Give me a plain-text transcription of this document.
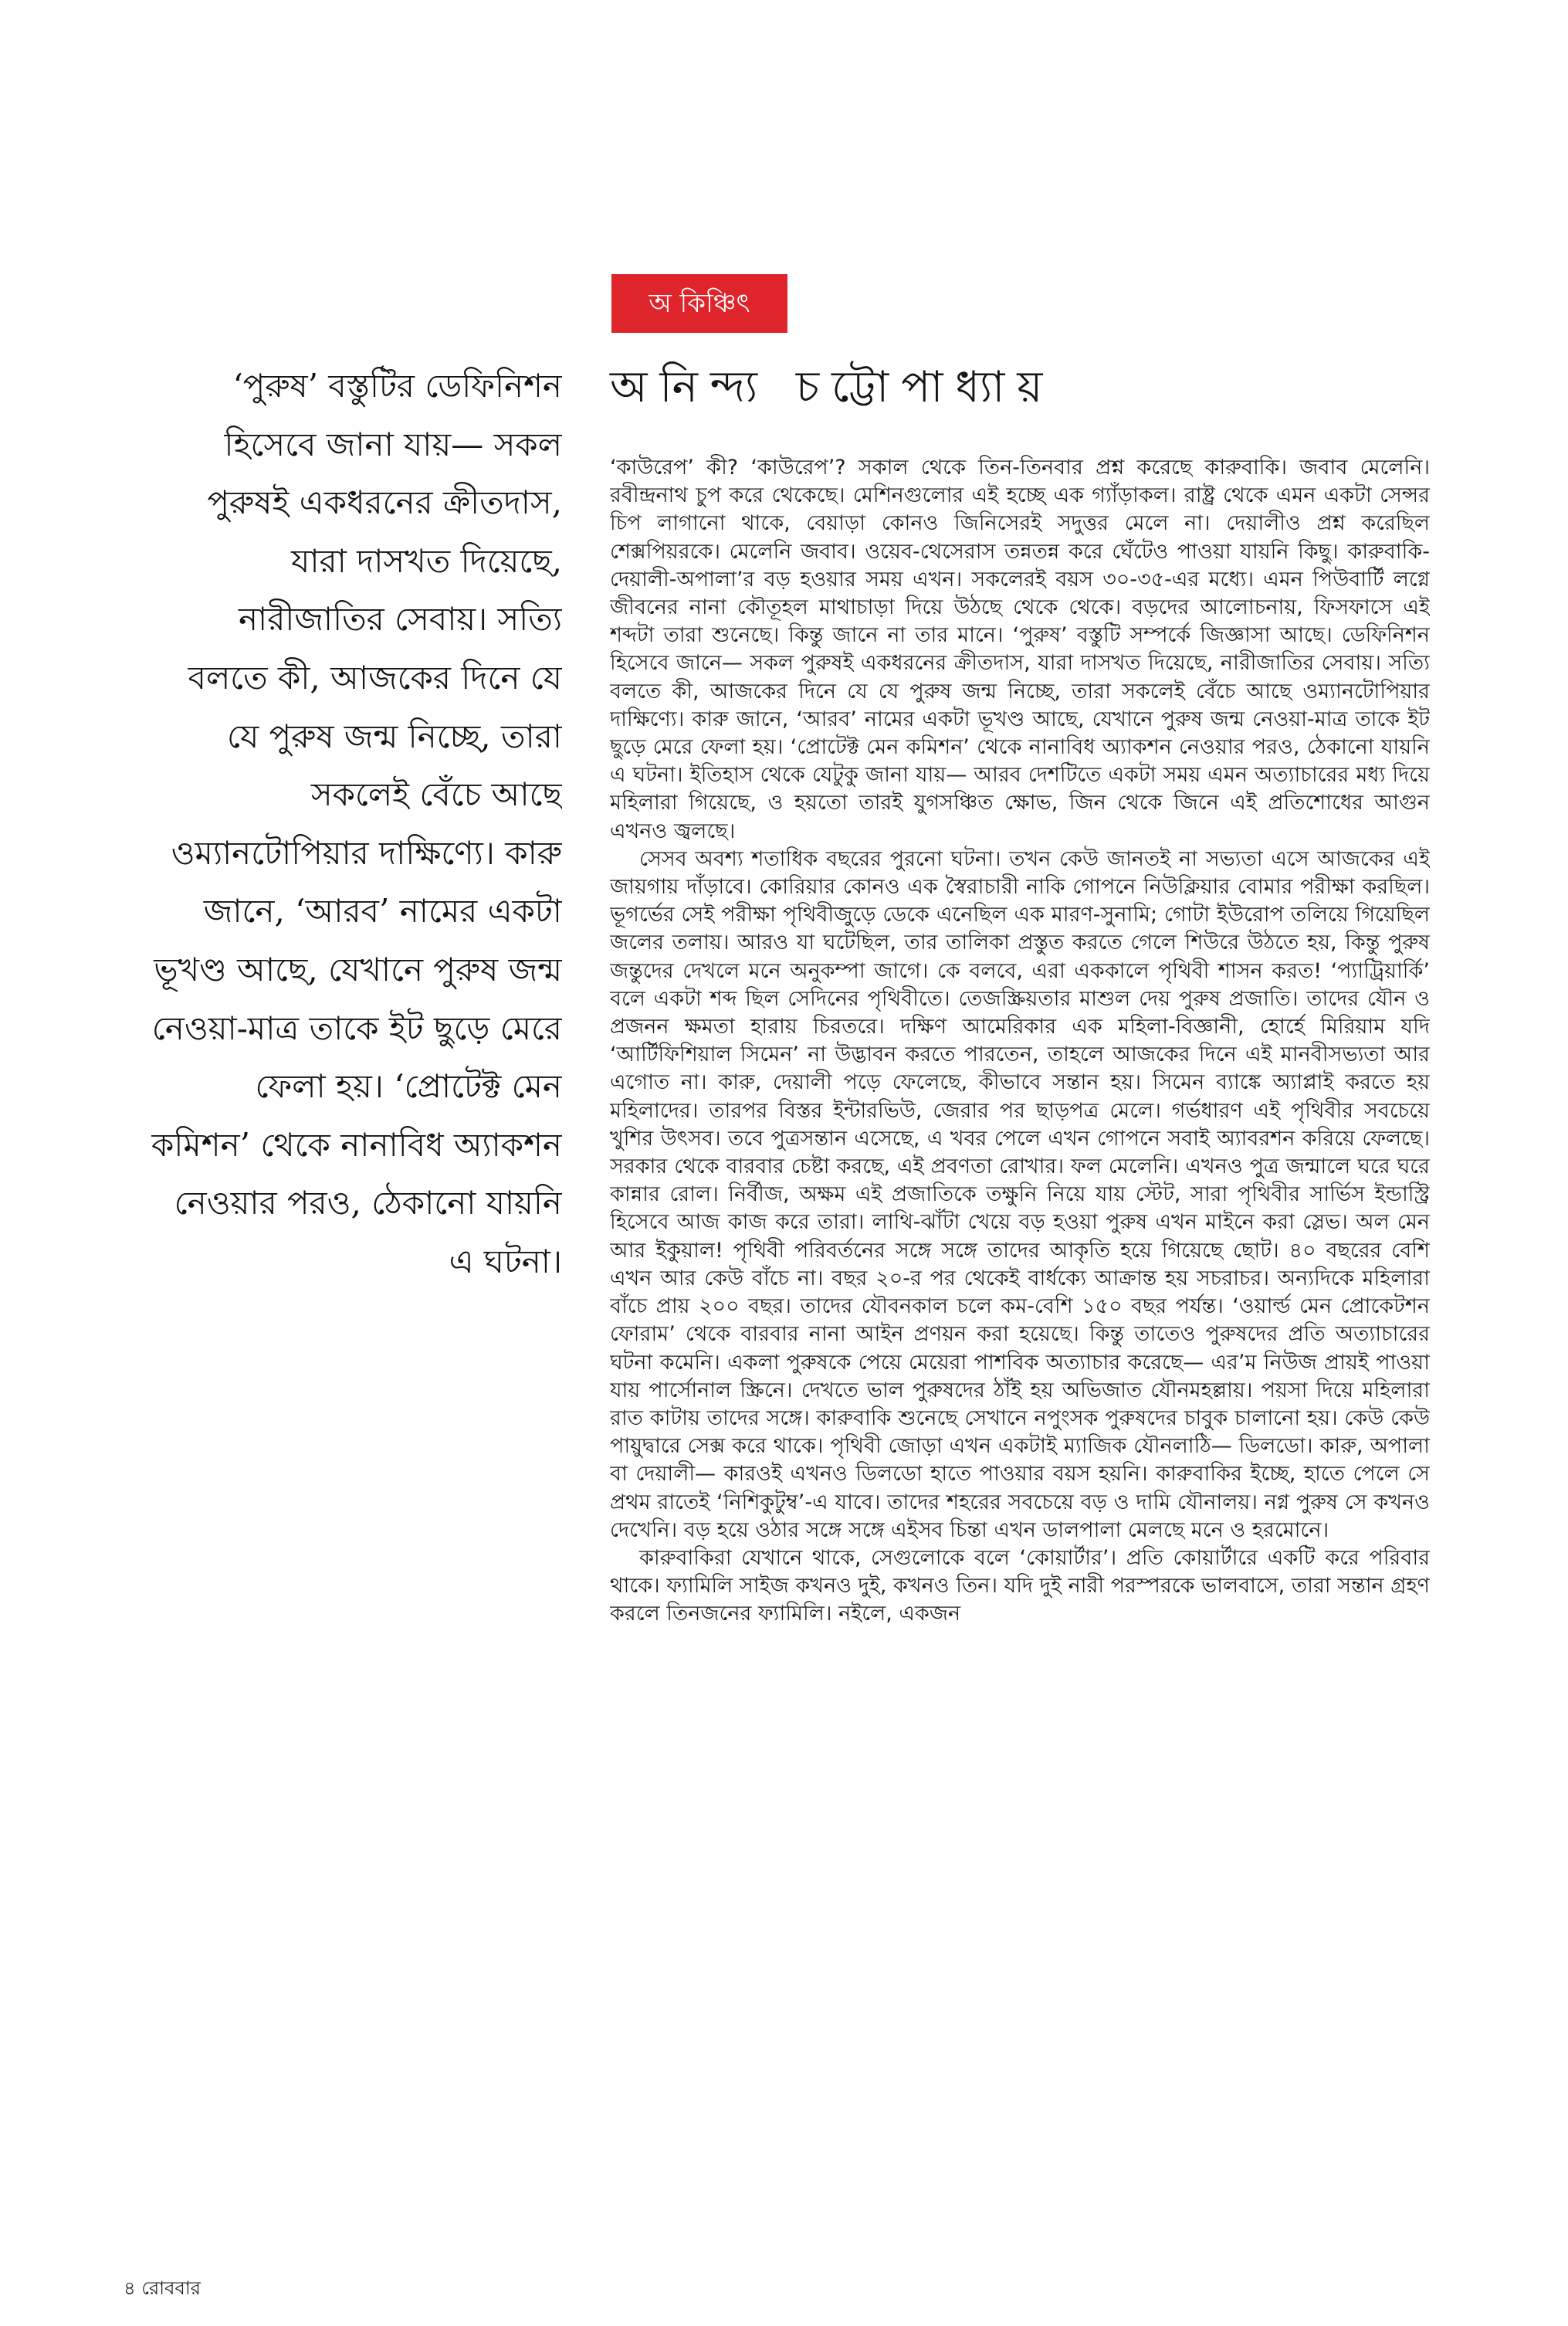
অ কিঞ্চিৎ
অনিন্দ্য চট্টোপাধ্যায়

‘পুরুষ’ বস্তুটির ডেফিনিশন হিসেবে জানা যায়— সকল পুরুষই একধরনের ক্রীতদাস, যারা দাসখত দিয়েছে, নারীজাতির সেবায়। সত্যি বলতে কী, আজকের দিনে যে যে পুরুষ জন্ম নিচ্ছে, তারা সকলেই বেঁচে আছে ওম্যানটোপিয়ার দাক্ষিণ্যে। কারু জানে, ‘আরব’ নামের একটা ভূখণ্ড আছে, যেখানে পুরুষ জন্ম নেওয়া-মাত্র তাকে ইট ছুড়ে মেরে ফেলা হয়। ‘প্রোটেক্ট মেন কমিশন’ থেকে নানাবিধ অ্যাকশন নেওয়ার পরও, ঠেকানো যায়নি এ ঘটনা।

‘কাউরেপ’ কী? ‘কাউরেপ’? সকাল থেকে তিন-তিনবার প্রশ্ন করেছে কারুবাকি। জবাব মেলেনি। রবীন্দ্রনাথ চুপ করে থেকেছে। মেশিনগুলোর এই হচ্ছে এক গ্যাঁড়াকল। রাষ্ট্র থেকে এমন একটা সেন্সর চিপ লাগানো থাকে, বেয়াড়া কোনও জিনিসেরই সদুত্তর মেলে না। দেয়ালীও প্রশ্ন করেছিল শেক্সপিয়রকে। মেলেনি জবাব। ওয়েব-থেসেরাস তন্নতন্ন করে ঘেঁটেও পাওয়া যায়নি কিছু। কারুবাকি-দেয়ালী-অপালা’র বড় হওয়ার সময় এখন। সকলেরই বয়স ৩০-৩৫-এর মধ্যে। এমন পিউবার্টি লগ্নে জীবনের নানা কৌতূহল মাথাচাড়া দিয়ে উঠছে থেকে থেকে। বড়দের আলোচনায়, ফিসফাসে এই শব্দটা তারা শুনেছে। কিন্তু জানে না তার মানে। ‘পুরুষ’ বস্তুটি সম্পর্কে জিজ্ঞাসা আছে। ডেফিনিশন হিসেবে জানে— সকল পুরুষই একধরনের ক্রীতদাস, যারা দাসখত দিয়েছে, নারীজাতির সেবায়। সত্যি বলতে কী, আজকের দিনে যে যে পুরুষ জন্ম নিচ্ছে, তারা সকলেই বেঁচে আছে ওম্যানটোপিয়ার দাক্ষিণ্যে। কারু জানে, ‘আরব’ নামের একটা ভূখণ্ড আছে, যেখানে পুরুষ জন্ম নেওয়া-মাত্র তাকে ইট ছুড়ে মেরে ফেলা হয়। ‘প্রোটেক্ট মেন কমিশন’ থেকে নানাবিধ অ্যাকশন নেওয়ার পরও, ঠেকানো যায়নি এ ঘটনা। ইতিহাস থেকে যেটুকু জানা যায়— আরব দেশটিতে একটা সময় এমন অত্যাচারের মধ্য দিয়ে মহিলারা গিয়েছে, ও হয়তো তারই যুগসঞ্চিত ক্ষোভ, জিন থেকে জিনে এই প্রতিশোধের আগুন এখনও জ্বলছে।

সেসব অবশ্য শতাধিক বছরের পুরনো ঘটনা। তখন কেউ জানতই না সভ্যতা এসে আজকের এই জায়গায় দাঁড়াবে। কোরিয়ার কোনও এক স্বৈরাচারী নাকি গোপনে নিউক্লিয়ার বোমার পরীক্ষা করছিল। ভূগর্ভের সেই পরীক্ষা পৃথিবীজুড়ে ডেকে এনেছিল এক মারণ-সুনামি; গোটা ইউরোপ তলিয়ে গিয়েছিল জলের তলায়। আরও যা ঘটেছিল, তার তালিকা প্রস্তুত করতে গেলে শিউরে উঠতে হয়, কিন্তু পুরুষ জন্তুদের দেখলে মনে অনুকম্পা জাগে। কে বলবে, এরা এককালে পৃথিবী শাসন করত! ‘প্যাট্রিয়ার্কি’ বলে একটা শব্দ ছিল সেদিনের পৃথিবীতে। তেজস্ক্রিয়তার মাশুল দেয় পুরুষ প্রজাতি। তাদের যৌন ও প্রজনন ক্ষমতা হারায় চিরতরে। দক্ষিণ আমেরিকার এক মহিলা-বিজ্ঞানী, হোর্হে মিরিয়াম যদি ‘আর্টিফিশিয়াল সিমেন’ না উদ্ভাবন করতে পারতেন, তাহলে আজকের দিনে এই মানবীসভ্যতা আর এগোত না। কারু, দেয়ালী পড়ে ফেলেছে, কীভাবে সন্তান হয়। সিমেন ব্যাঙ্কে অ্যাপ্লাই করতে হয় মহিলাদের। তারপর বিস্তর ইন্টারভিউ, জেরার পর ছাড়পত্র মেলে। গর্ভধারণ এই পৃথিবীর সবচেয়ে খুশির উৎসব। তবে পুত্রসন্তান এসেছে, এ খবর পেলে এখন গোপনে সবাই অ্যাবরশন করিয়ে ফেলছে। সরকার থেকে বারবার চেষ্টা করছে, এই প্রবণতা রোখার। ফল মেলেনি। এখনও পুত্র জন্মালে ঘরে ঘরে কান্নার রোল। নির্বীজ, অক্ষম এই প্রজাতিকে তক্ষুনি নিয়ে যায় স্টেট, সারা পৃথিবীর সার্ভিস ইন্ডাস্ট্রি হিসেবে আজ কাজ করে তারা। লাথি-ঝাঁটা খেয়ে বড় হওয়া পুরুষ এখন মাইনে করা স্লেভ। অল মেন আর ইকুয়াল! পৃথিবী পরিবর্তনের সঙ্গে সঙ্গে তাদের আকৃতি হয়ে গিয়েছে ছোট। ৪০ বছরের বেশি এখন আর কেউ বাঁচে না। বছর ২০-র পর থেকেই বার্ধক্যে আক্রান্ত হয় সচরাচর। অন্যদিকে মহিলারা বাঁচে প্রায় ২০০ বছর। তাদের যৌবনকাল চলে কম-বেশি ১৫০ বছর পর্যন্ত। ‘ওয়ার্ল্ড মেন প্রোকেটশন ফোরাম’ থেকে বারবার নানা আইন প্রণয়ন করা হয়েছে। কিন্তু তাতেও পুরুষদের প্রতি অত্যাচারের ঘটনা কমেনি। একলা পুরুষকে পেয়ে মেয়েরা পাশবিক অত্যাচার করেছে— এর’ম নিউজ প্রায়ই পাওয়া যায় পার্সোনাল স্ক্রিনে। দেখতে ভাল পুরুষদের ঠাঁই হয় অভিজাত যৌনমহল্লায়। পয়সা দিয়ে মহিলারা রাত কাটায় তাদের সঙ্গে। কারুবাকি শুনেছে সেখানে নপুংসক পুরুষদের চাবুক চালানো হয়। কেউ কেউ পায়ুদ্বারে সেক্স করে থাকে। পৃথিবী জোড়া এখন একটাই ম্যাজিক যৌনলাঠি— ডিলডো। কারু, অপালা বা দেয়ালী— কারওই এখনও ডিলডো হাতে পাওয়ার বয়স হয়নি। কারুবাকির ইচ্ছে, হাতে পেলে সে প্রথম রাতেই ‘নিশিকুটুম্ব’-এ যাবে। তাদের শহরের সবচেয়ে বড় ও দামি যৌনালয়। নগ্ন পুরুষ সে কখনও দেখেনি। বড় হয়ে ওঠার সঙ্গে সঙ্গে এইসব চিন্তা এখন ডালপালা মেলছে মনে ও হরমোনে।

কারুবাকিরা যেখানে থাকে, সেগুলোকে বলে ‘কোয়ার্টার’। প্রতি কোয়ার্টারে একটি করে পরিবার থাকে। ফ্যামিলি সাইজ কখনও দুই, কখনও তিন। যদি দুই নারী পরস্পরকে ভালবাসে, তারা সন্তান গ্রহণ করলে তিনজনের ফ্যামিলি। নইলে, একজন

৪ রোববার
